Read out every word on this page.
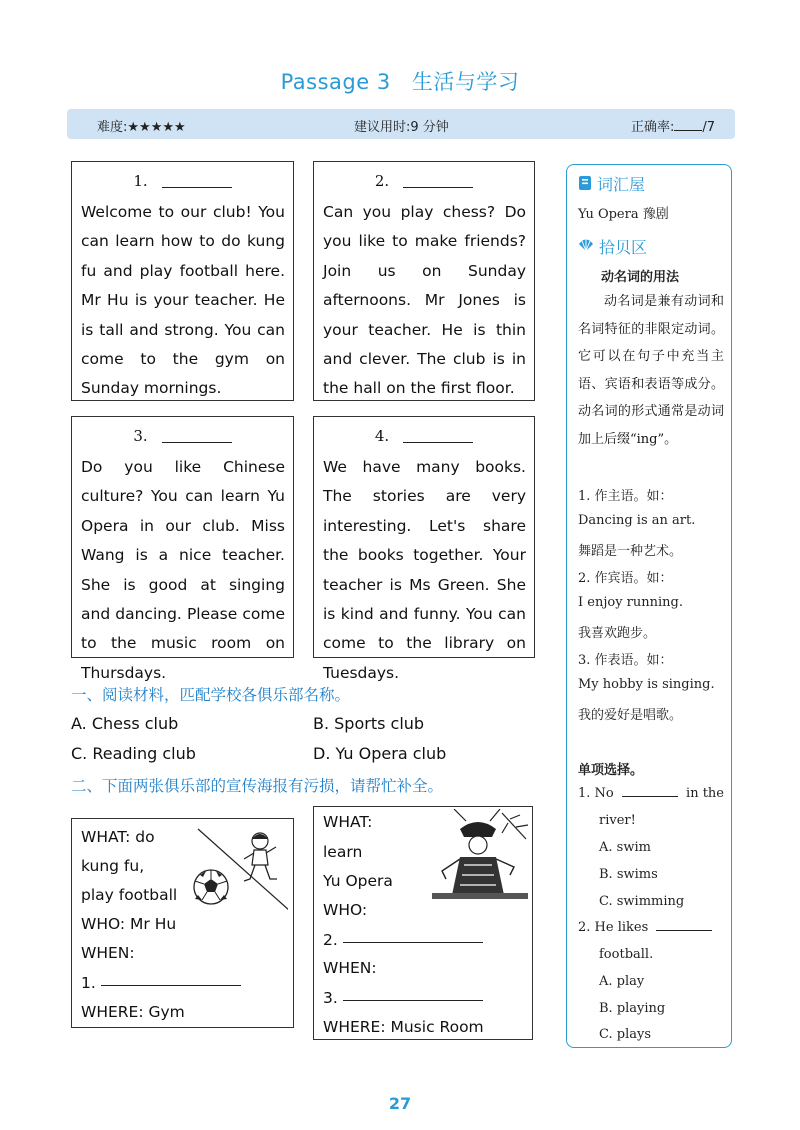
Passage 3 生活与学习
难度:★★★★★	建议用时:9 分钟	正确率: /7
1.
Welcome to our club! You can learn how to do kung fu and play football here. Mr Hu is your teacher. He is tall and strong. You can come to the gym on Sunday mornings.
2.
Can you play chess? Do you like to make friends? Join us on Sunday afternoons. Mr Jones is your teacher. He is thin and clever. The club is in the hall on the first floor.
3.
Do you like Chinese culture? You can learn Yu Opera in our club. Miss Wang is a nice teacher. She is good at singing and dancing. Please come to the music room on Thursdays.
4.
We have many books. The stories are very interesting. Let's share the books together. Your teacher is Ms Green. She is kind and funny. You can come to the library on Tuesdays.
一、阅读材料，匹配学校各俱乐部名称。
A. Chess club	B. Sports club
C. Reading club	D. Yu Opera club
二、下面两张俱乐部的宣传海报有污损，请帮忙补全。
WHAT: do
kung fu,
play football
WHO: Mr Hu
WHEN:
1.
WHERE: Gym
WHAT:
learn
Yu Opera
WHO:
2.
WHEN:
3.
WHERE: Music Room
词汇屋
Yu Opera 豫剧
拾贝区
动名词的用法
动名词是兼有动词和名词特征的非限定动词。它可以在句子中充当主语、宾语和表语等成分。动名词的形式通常是动词加上后缀“ing”。
1. 作主语。如：
Dancing is an art.
舞蹈是一种艺术。
2. 作宾语。如：
I enjoy running.
我喜欢跑步。
3. 作表语。如：
My hobby is singing.
我的爱好是唱歌。
单项选择。
1. No	in the
river!
A. swim
B. swims
C. swimming
2. He likes
football.
A. play
B. playing
C. plays
27
